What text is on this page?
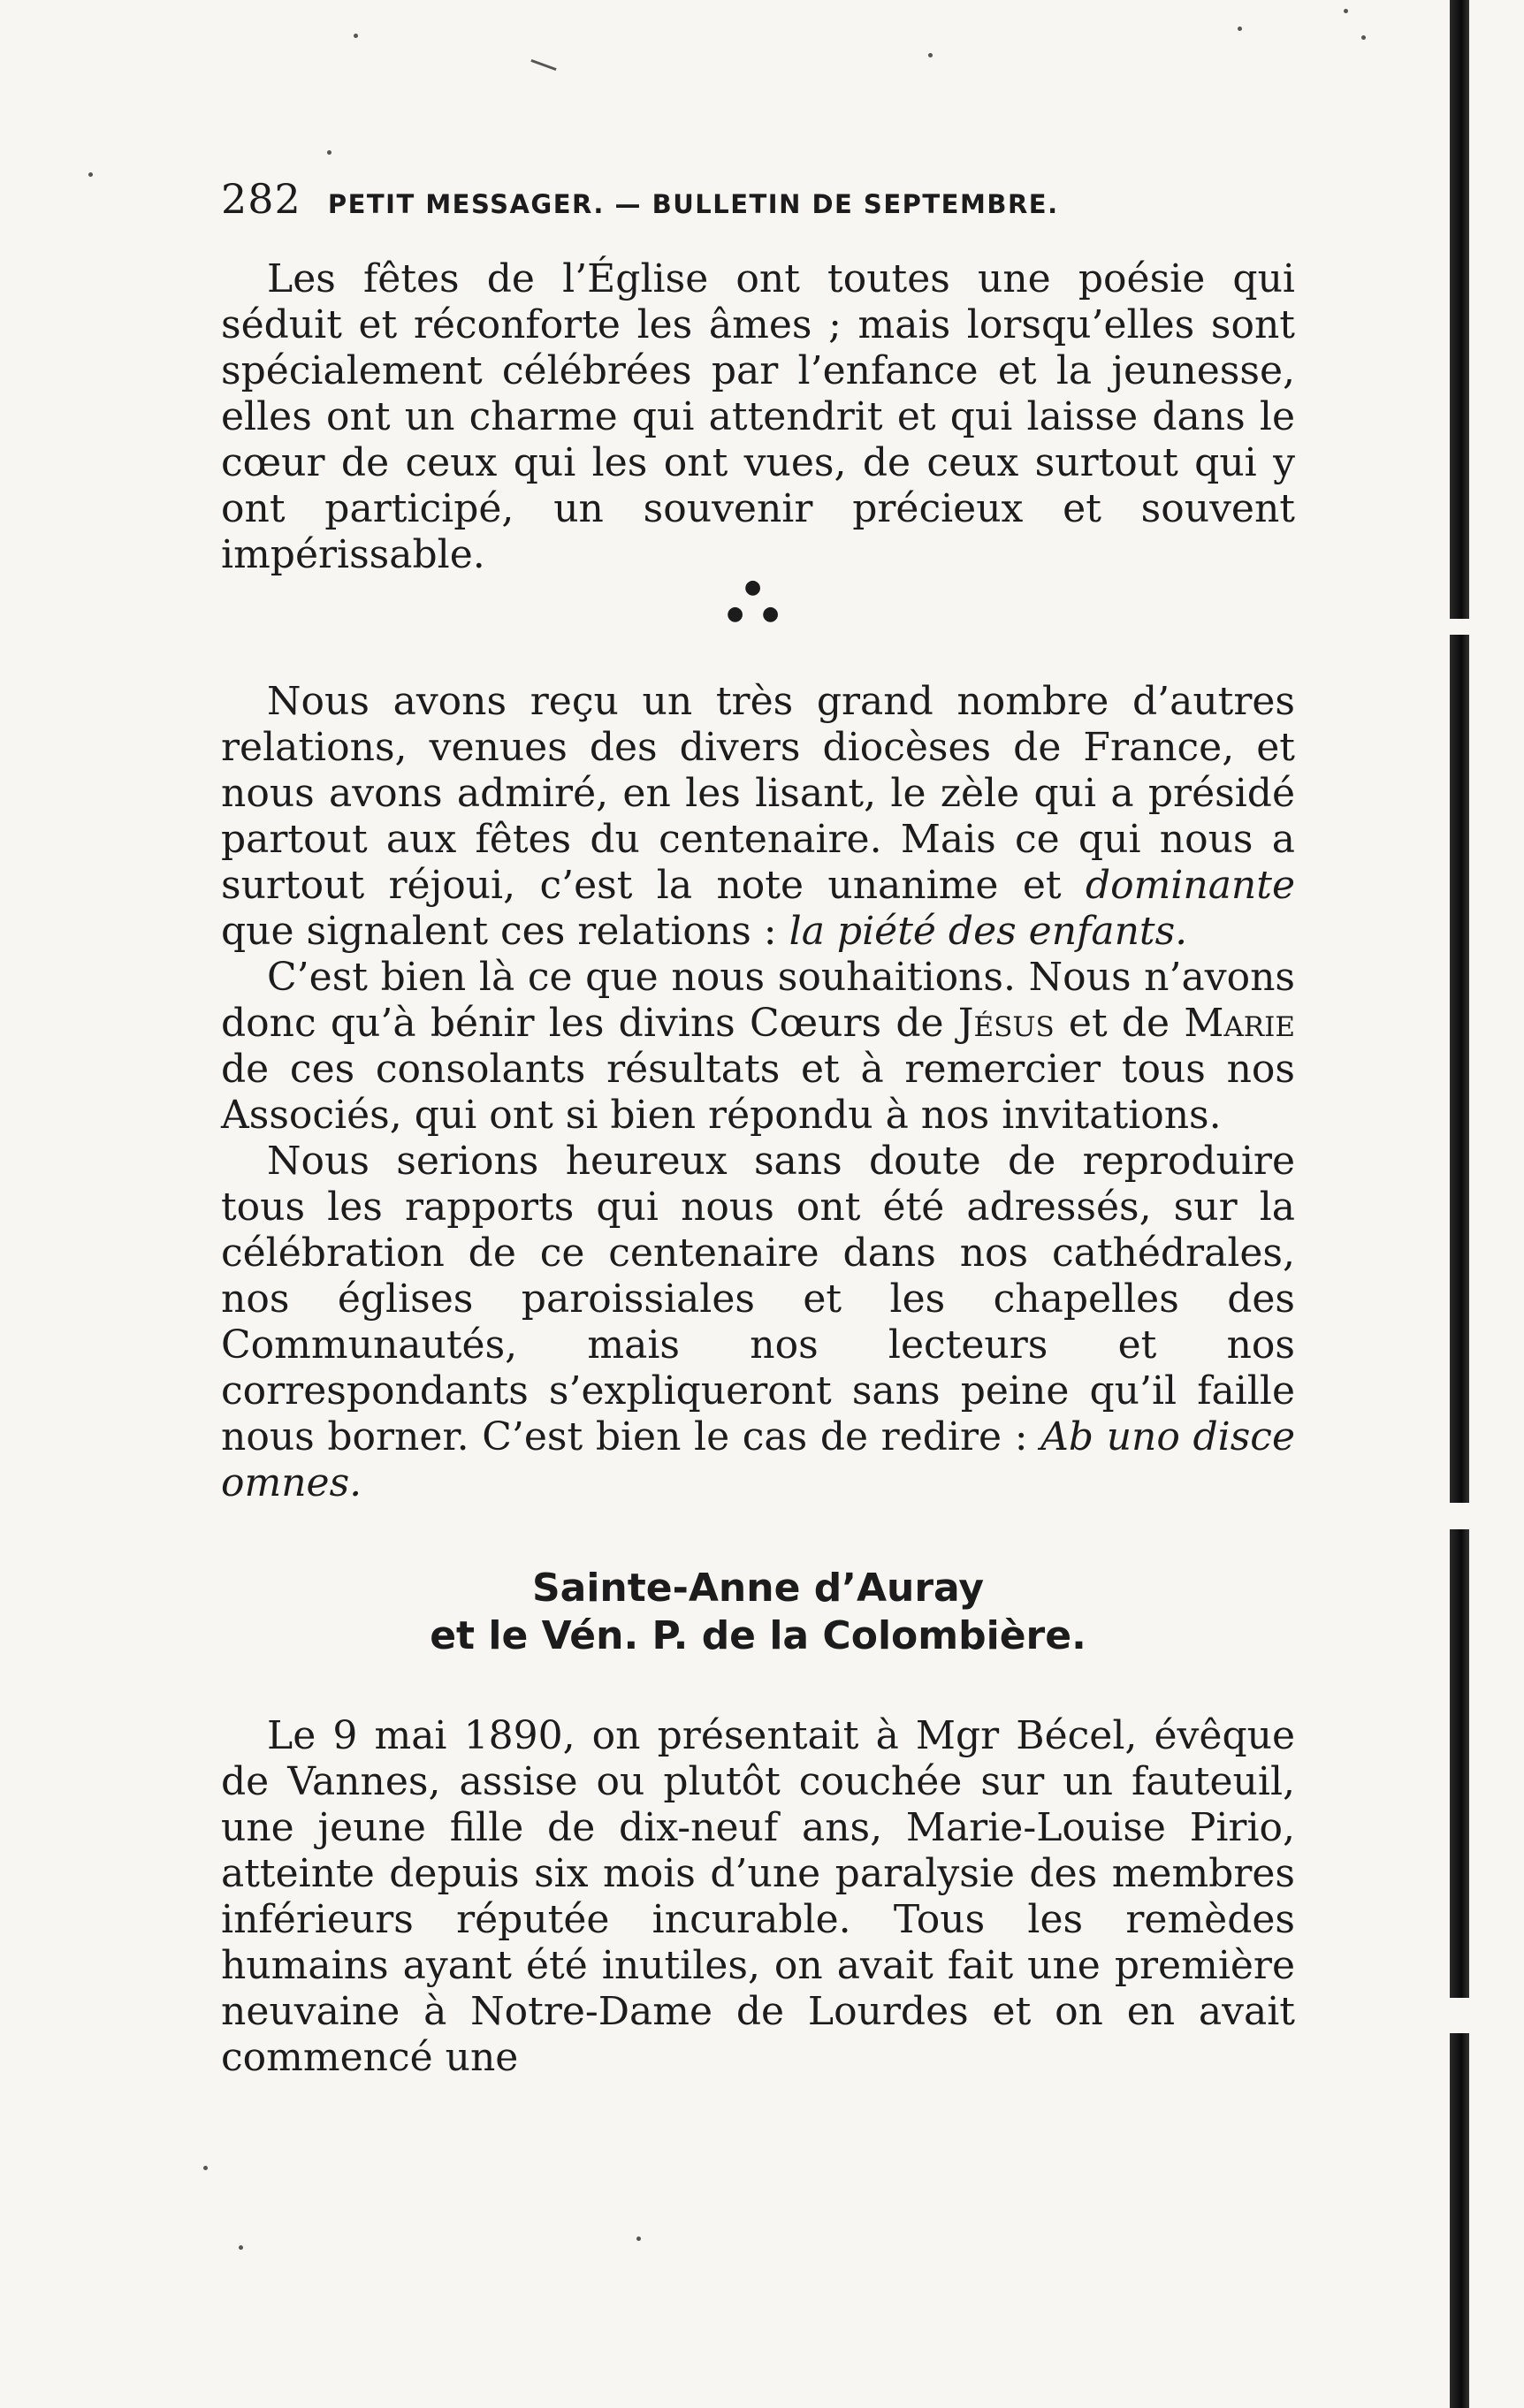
282 PETIT MESSAGER. — BULLETIN DE SEPTEMBRE.

Les fêtes de l’Église ont toutes une poésie qui séduit et réconforte les âmes ; mais lorsqu’elles sont spécialement célébrées par l’enfance et la jeunesse, elles ont un charme qui attendrit et qui laisse dans le cœur de ceux qui les ont vues, de ceux surtout qui y ont participé, un souvenir précieux et souvent impérissable.

●
● ●

Nous avons reçu un très grand nombre d’autres relations, venues des divers diocèses de France, et nous avons admiré, en les lisant, le zèle qui a présidé partout aux fêtes du centenaire. Mais ce qui nous a surtout réjoui, c’est la note unanime et dominante que signalent ces relations : la piété des enfants.

C’est bien là ce que nous souhaitions. Nous n’avons donc qu’à bénir les divins Cœurs de Jésus et de Marie de ces consolants résultats et à remercier tous nos Associés, qui ont si bien répondu à nos invitations.

Nous serions heureux sans doute de reproduire tous les rapports qui nous ont été adressés, sur la célébration de ce centenaire dans nos cathédrales, nos églises paroissiales et les chapelles des Communautés, mais nos lecteurs et nos correspondants s’expliqueront sans peine qu’il faille nous borner. C’est bien le cas de redire : Ab uno disce omnes.

Sainte-Anne d’Auray
et le Vén. P. de la Colombière.

Le 9 mai 1890, on présentait à Mgr Bécel, évêque de Vannes, assise ou plutôt couchée sur un fauteuil, une jeune fille de dix-neuf ans, Marie-Louise Pirio, atteinte depuis six mois d’une paralysie des membres inférieurs réputée incurable. Tous les remèdes humains ayant été inutiles, on avait fait une première neuvaine à Notre-Dame de Lourdes et on en avait commencé une
